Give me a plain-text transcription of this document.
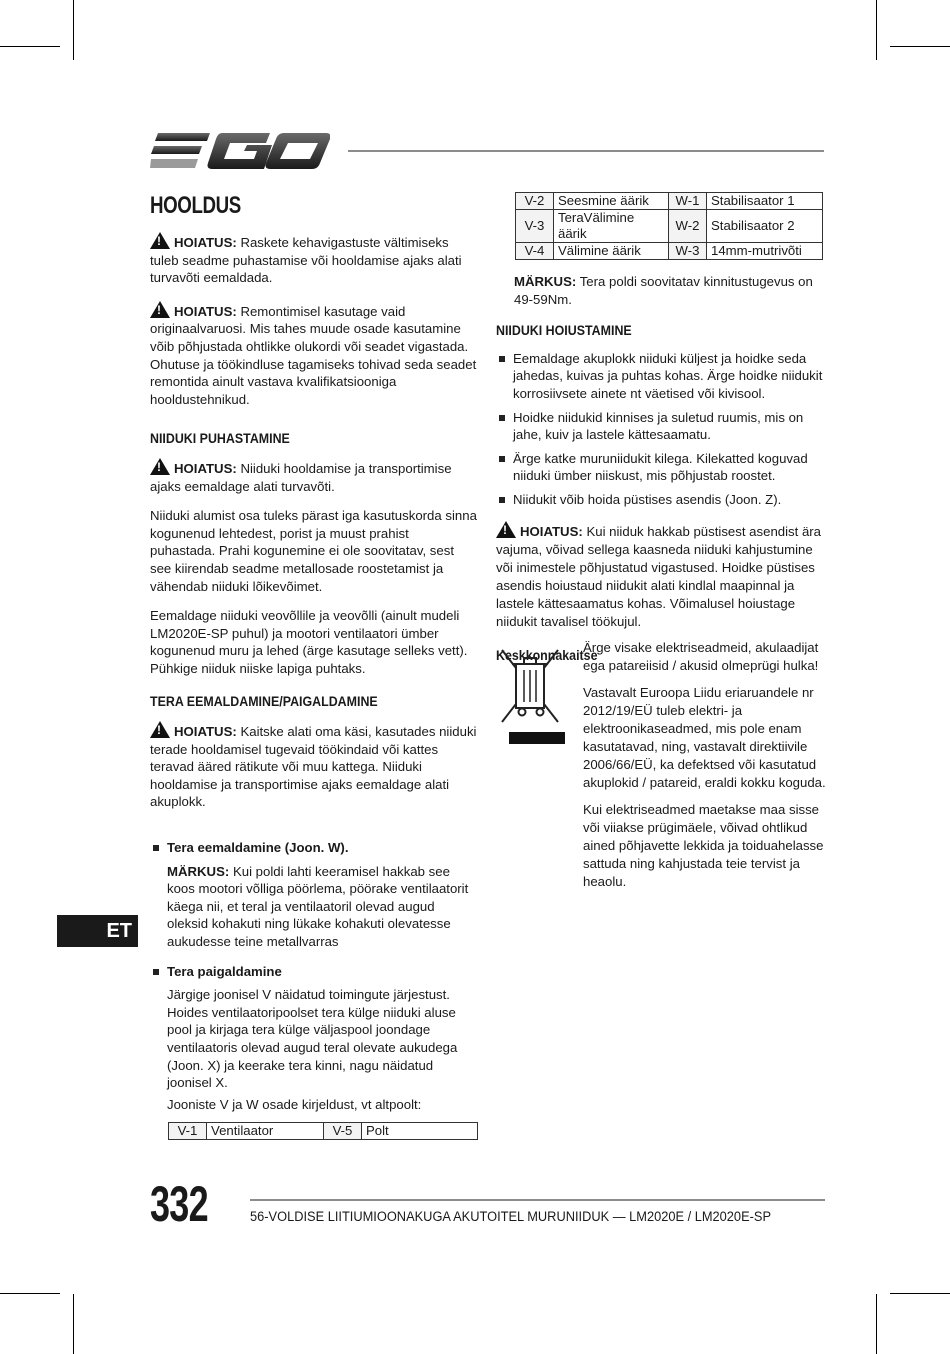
HOOLDUS

!HOIATUS: Raskete kehavigastuste vältimiseks tuleb seadme puhastamise või hooldamise ajaks alati turvavõti eemaldada.

!HOIATUS: Remontimisel kasutage vaid originaalvaruosi. Mis tahes muude osade kasutamine võib põhjustada ohtlikke olukordi või seadet vigastada. Ohutuse ja töökindluse tagamiseks tohivad seda seadet remontida ainult vastava kvalifikatsiooniga hooldustehnikud.

NIIDUKI PUHASTAMINE

!HOIATUS: Niiduki hooldamise ja transportimise ajaks eemaldage alati turvavõti.

Niiduki alumist osa tuleks pärast iga kasutuskorda sinna kogunenud lehtedest, porist ja muust prahist puhastada. Prahi kogunemine ei ole soovitatav, sest see kiirendab seadme metallosade roostetamist ja vähendab niiduki lõikevõimet.

Eemaldage niiduki veovõllile ja veovõlli (ainult mudeli LM2020E-SP puhul) ja mootori ventilaatori ümber kogunenud muru ja lehed (ärge kasutage selleks vett). Pühkige niiduk niiske lapiga puhtaks.

TERA EEMALDAMINE/PAIGALDAMINE

!HOIATUS: Kaitske alati oma käsi, kasutades niiduki terade hooldamisel tugevaid töökindaid või kattes teravad ääred rätikute või muu kattega. Niiduki hooldamise ja transportimise ajaks eemaldage alati akuplokk.

Tera eemaldamine (Joon. W).

MÄRKUS: Kui poldi lahti keeramisel hakkab see koos mootori võlliga pöörlema, pöörake ventilaatorit käega nii, et teral ja ventilaatoril olevad augud oleksid kohakuti ning lükake kohakuti olevatesse aukudesse teine metallvarras

Tera paigaldamine

Järgige joonisel V näidatud toimingute järjestust. Hoides ventilaatoripoolset tera külge niiduki aluse pool ja kirjaga tera külge väljaspool joondage ventilaatoris olevad augud teral olevate aukudega (Joon. X) ja keerake tera kinni, nagu näidatud joonisel X.

Jooniste V ja W osade kirjeldust, vt altpoolt:

V-1	Ventilaator	V-5	Polt
V-2	Seesmine äärik	W-1	Stabilisaator 1
V-3	TeraVälimine äärik	W-2	Stabilisaator 2
V-4	Välimine äärik	W-3	14mm-mutrivõti

MÄRKUS: Tera poldi soovitatav kinnitustugevus on 49-59Nm.

NIIDUKI HOIUSTAMINE
Eemaldage akuplokk niiduki küljest ja hoidke seda jahedas, kuivas ja puhtas kohas. Ärge hoidke niidukit korrosiivsete ainete nt väetised või kivisool.
Hoidke niidukid kinnises ja suletud ruumis, mis on jahe, kuiv ja lastele kättesaamatu.
Ärge katke muruniidukit kilega. Kilekatted koguvad niiduki ümber niiskust, mis põhjustab roostet.
Niidukit võib hoida püstises asendis (Joon. Z).

!HOIATUS: Kui niiduk hakkab püstisest asendist ära vajuma, võivad sellega kaasneda niiduki kahjustumine või inimestele põhjustatud vigastused. Hoidke püstises asendis hoiustaud niidukit alati kindlal maapinnal ja lastele kättesaamatus kohas. Võimalusel hoiustage niidukit tavalisel töökujul.

Keskkonnakaitse

Ärge visake elektriseadmeid, akulaadijat ega patareiisid / akusid olmeprügi hulka!

Vastavalt Euroopa Liidu eriaruandele nr 2012/19/EÜ tuleb elektri- ja elektroonikaseadmed, mis pole enam kasutatavad, ning, vastavalt direktiivile 2006/66/EÜ, ka defektsed või kasutatud akuplokid / patareid, eraldi kokku koguda.

Kui elektriseadmed maetakse maa sisse või viiakse prügimäele, võivad ohtlikud ained põhjavette lekkida ja toiduahelasse sattuda ning kahjustada teie tervist ja heaolu.

ET
332	56-VOLDISE LIITIUMIOONAKUGA AKUTOITEL MURUNIIDUK — LM2020E / LM2020E-SP
